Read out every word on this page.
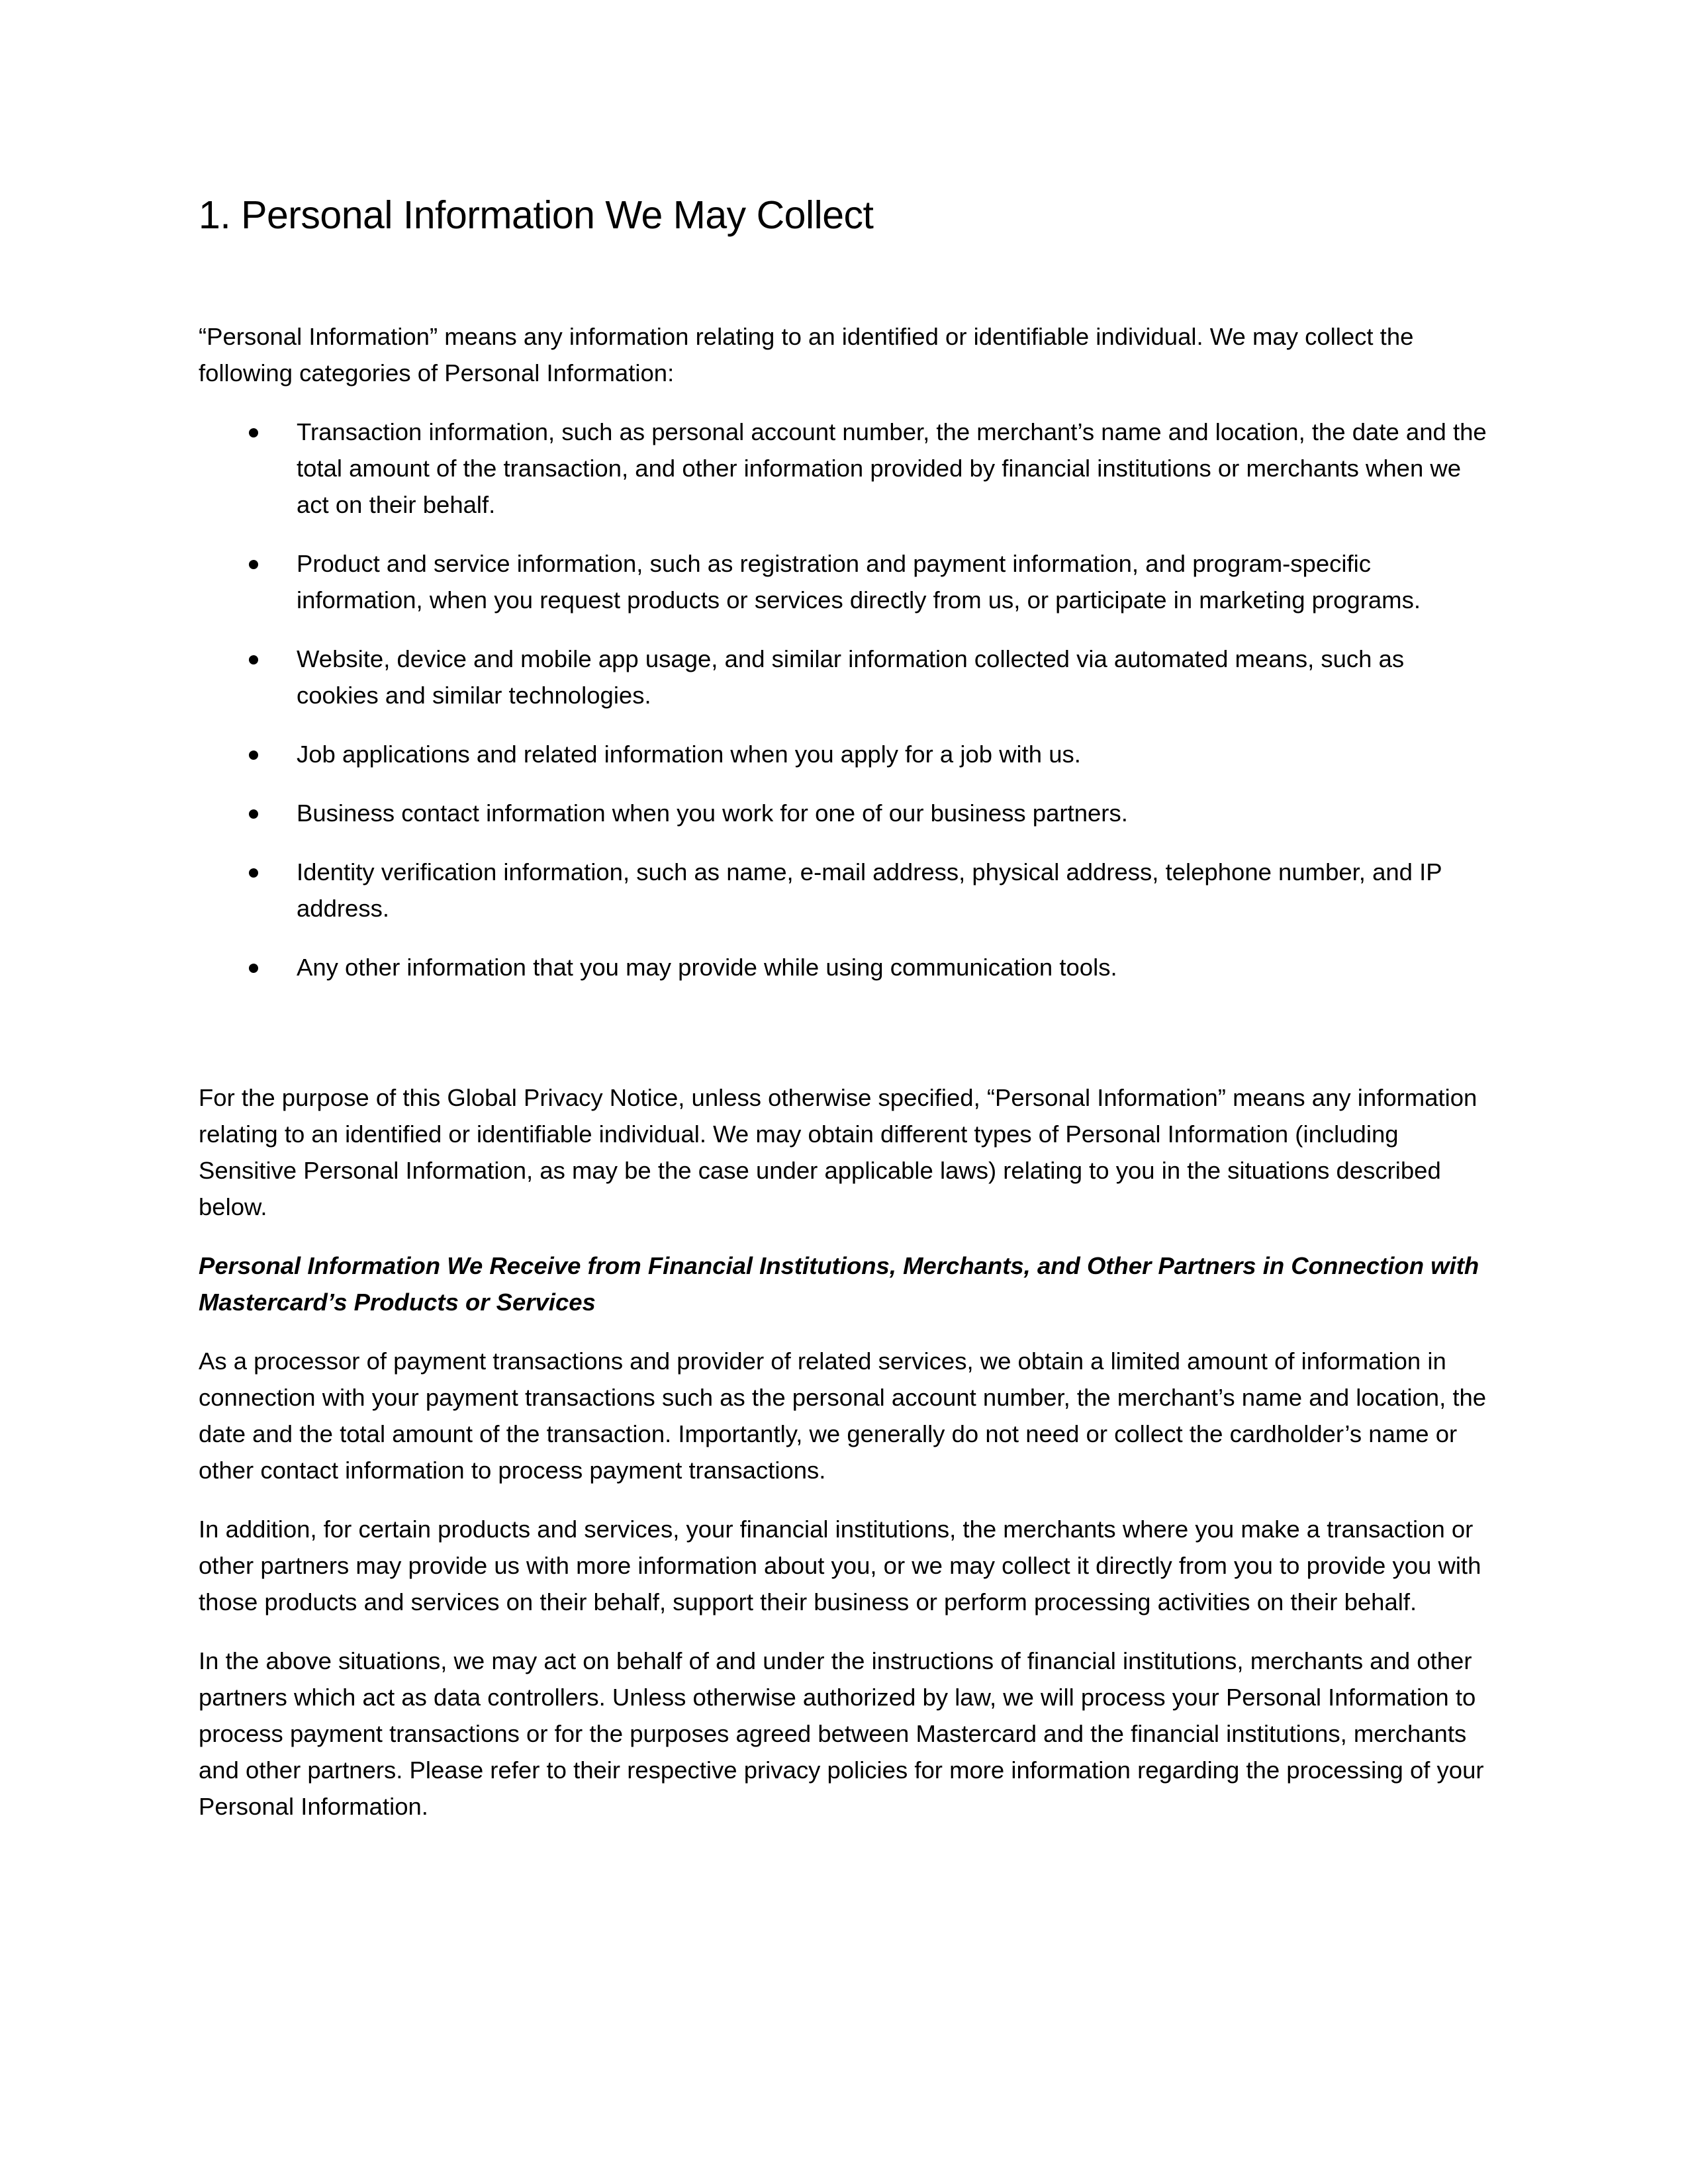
1. Personal Information We May Collect

“Personal Information” means any information relating to an identified or identifiable individual. We may collect the following categories of Personal Information:

Transaction information, such as personal account number, the merchant’s name and location, the date and the total amount of the transaction, and other information provided by financial institutions or merchants when we act on their behalf.
Product and service information, such as registration and payment information, and program-specific information, when you request products or services directly from us, or participate in marketing programs.
Website, device and mobile app usage, and similar information collected via automated means, such as cookies and similar technologies.
Job applications and related information when you apply for a job with us.
Business contact information when you work for one of our business partners.
Identity verification information, such as name, e-mail address, physical address, telephone number, and IP address.
Any other information that you may provide while using communication tools.

For the purpose of this Global Privacy Notice, unless otherwise specified, “Personal Information” means any information relating to an identified or identifiable individual. We may obtain different types of Personal Information (including Sensitive Personal Information, as may be the case under applicable laws) relating to you in the situations described below.

Personal Information We Receive from Financial Institutions, Merchants, and Other Partners in Connection with Mastercard’s Products or Services

As a processor of payment transactions and provider of related services, we obtain a limited amount of information in connection with your payment transactions such as the personal account number, the merchant’s name and location, the date and the total amount of the transaction. Importantly, we generally do not need or collect the cardholder’s name or other contact information to process payment transactions.

In addition, for certain products and services, your financial institutions, the merchants where you make a transaction or other partners may provide us with more information about you, or we may collect it directly from you to provide you with those products and services on their behalf, support their business or perform processing activities on their behalf.

In the above situations, we may act on behalf of and under the instructions of financial institutions, merchants and other partners which act as data controllers. Unless otherwise authorized by law, we will process your Personal Information to process payment transactions or for the purposes agreed between Mastercard and the financial institutions, merchants and other partners. Please refer to their respective privacy policies for more information regarding the processing of your Personal Information.
